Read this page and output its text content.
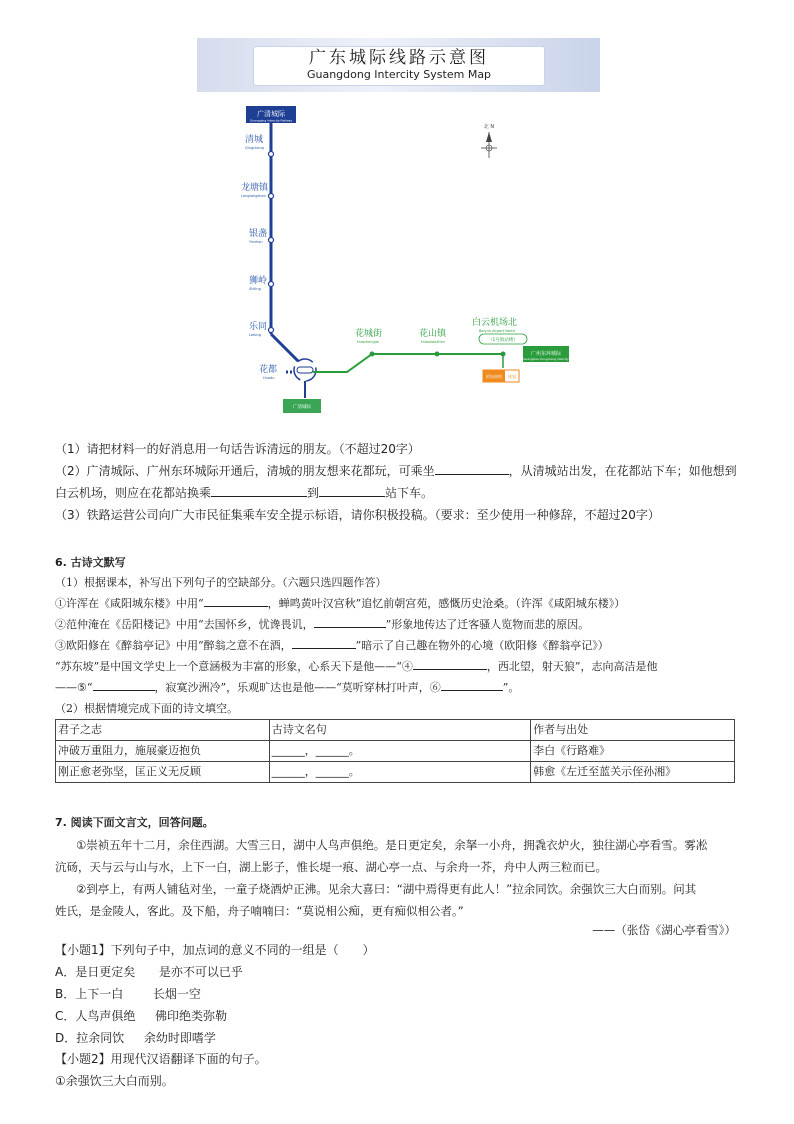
广东城际线路示意图
Guangdong Intercity System Map
广清城际
Guangqing Intercity Railway
清城
Qingcheng
龙塘镇
Longtangzhen
银盏
Yinzhan
狮岭
Shiling
乐同
Letong
花都
Huadu
广清城际
花城街
Huachengjie
花山镇
Huashanzhen
白云机场北
Baiyun Airport North
（1号航站楼）
广州东环城际
Guangzhou Dongcheng Intercity
机场南线 规划
北 N
（1）请把材料一的好消息用一句话告诉清远的朋友。（不超过20字）
（2）广清城际、广州东环城际开通后，清城的朋友想来花都玩，可乘坐	，从清城站出发，在花都站下车；如他想到
白云机场，则应在花都站换乘	到	站下车。
（3）铁路运营公司向广大市民征集乘车安全提示标语，请你积极投稿。（要求：至少使用一种修辞，不超过20字）
6. 古诗文默写
（1）根据课本，补写出下列句子的空缺部分。（六题只选四题作答）
①许浑在《咸阳城东楼》中用“	，蝉鸣黄叶汉宫秋”追忆前朝宫苑，感慨历史沧桑。（许浑《咸阳城东楼》）
②范仲淹在《岳阳楼记》中用“去国怀乡，忧谗畏讥，	”形象地传达了迁客骚人览物而悲的原因。
③欧阳修在《醉翁亭记》中用“醉翁之意不在酒，	”暗示了自己趣在物外的心境（欧阳修《醉翁亭记》）
“苏东坡”是中国文学史上一个意涵极为丰富的形象，心系天下是他——“④	，西北望，射天狼”，志向高洁是他
——⑤“	，寂寞沙洲冷”，乐观旷达也是他——“莫听穿林打叶声，⑥	”。
（2）根据情境完成下面的诗文填空。
君子之志	古诗文名句	作者与出处
冲破万重阻力，施展豪迈抱负	______，______。	李白《行路难》
刚正愈老弥坚，匡正义无反顾	______，______。	韩愈《左迁至蓝关示侄孙湘》
7. 阅读下面文言文，回答问题。
①崇祯五年十二月，余住西湖。大雪三日，湖中人鸟声俱绝。是日更定矣，余拏一小舟，拥毳衣炉火，独往湖心亭看雪。雾凇
沆砀，天与云与山与水，上下一白，湖上影子，惟长堤一痕、湖心亭一点、与余舟一芥，舟中人两三粒而已。
②到亭上，有两人铺毡对坐，一童子烧酒炉正沸。见余大喜曰：“湖中焉得更有此人！”拉余同饮。余强饮三大白而别。问其
姓氏，是金陵人，客此。及下船，舟子喃喃曰：“莫说相公痴，更有痴似相公者。”
——（张岱《湖心亭看雪》）
【小题1】下列句子中，加点词的意义不同的一组是（　　）
A．是日更定矣 是亦不可以已乎
B．上下一白 长烟一空
C．人鸟声俱绝 佛印绝类弥勒
D．拉余同饮 余幼时即嗜学
【小题2】用现代汉语翻译下面的句子。
①余强饮三大白而别。
